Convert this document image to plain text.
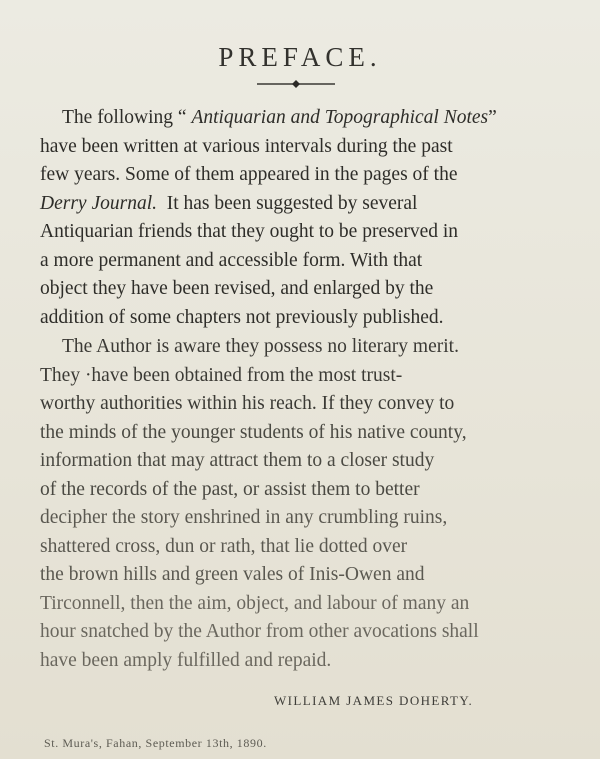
PREFACE.

The following “ Antiquarian and Topographical Notes”
have been written at various intervals during the past
few years. Some of them appeared in the pages of the
Derry Journal.  It has been suggested by several
Antiquarian friends that they ought to be preserved in
a more permanent and accessible form. With that
object they have been revised, and enlarged by the
addition of some chapters not previously published.

The Author is aware they possess no literary merit.
They ·have been obtained from the most trust-
worthy authorities within his reach. If they convey to
the minds of the younger students of his native county,
information that may attract them to a closer study
of the records of the past, or assist them to better
decipher the story enshrined in any crumbling ruins,
shattered cross, dun or rath, that lie dotted over
the brown hills and green vales of Inis-Owen and
Tirconnell, then the aim, object, and labour of many an
hour snatched by the Author from other avocations shall
have been amply fulfilled and repaid.

WILLIAM JAMES DOHERTY.
St. Mura's, Fahan, September 13th, 1890.
